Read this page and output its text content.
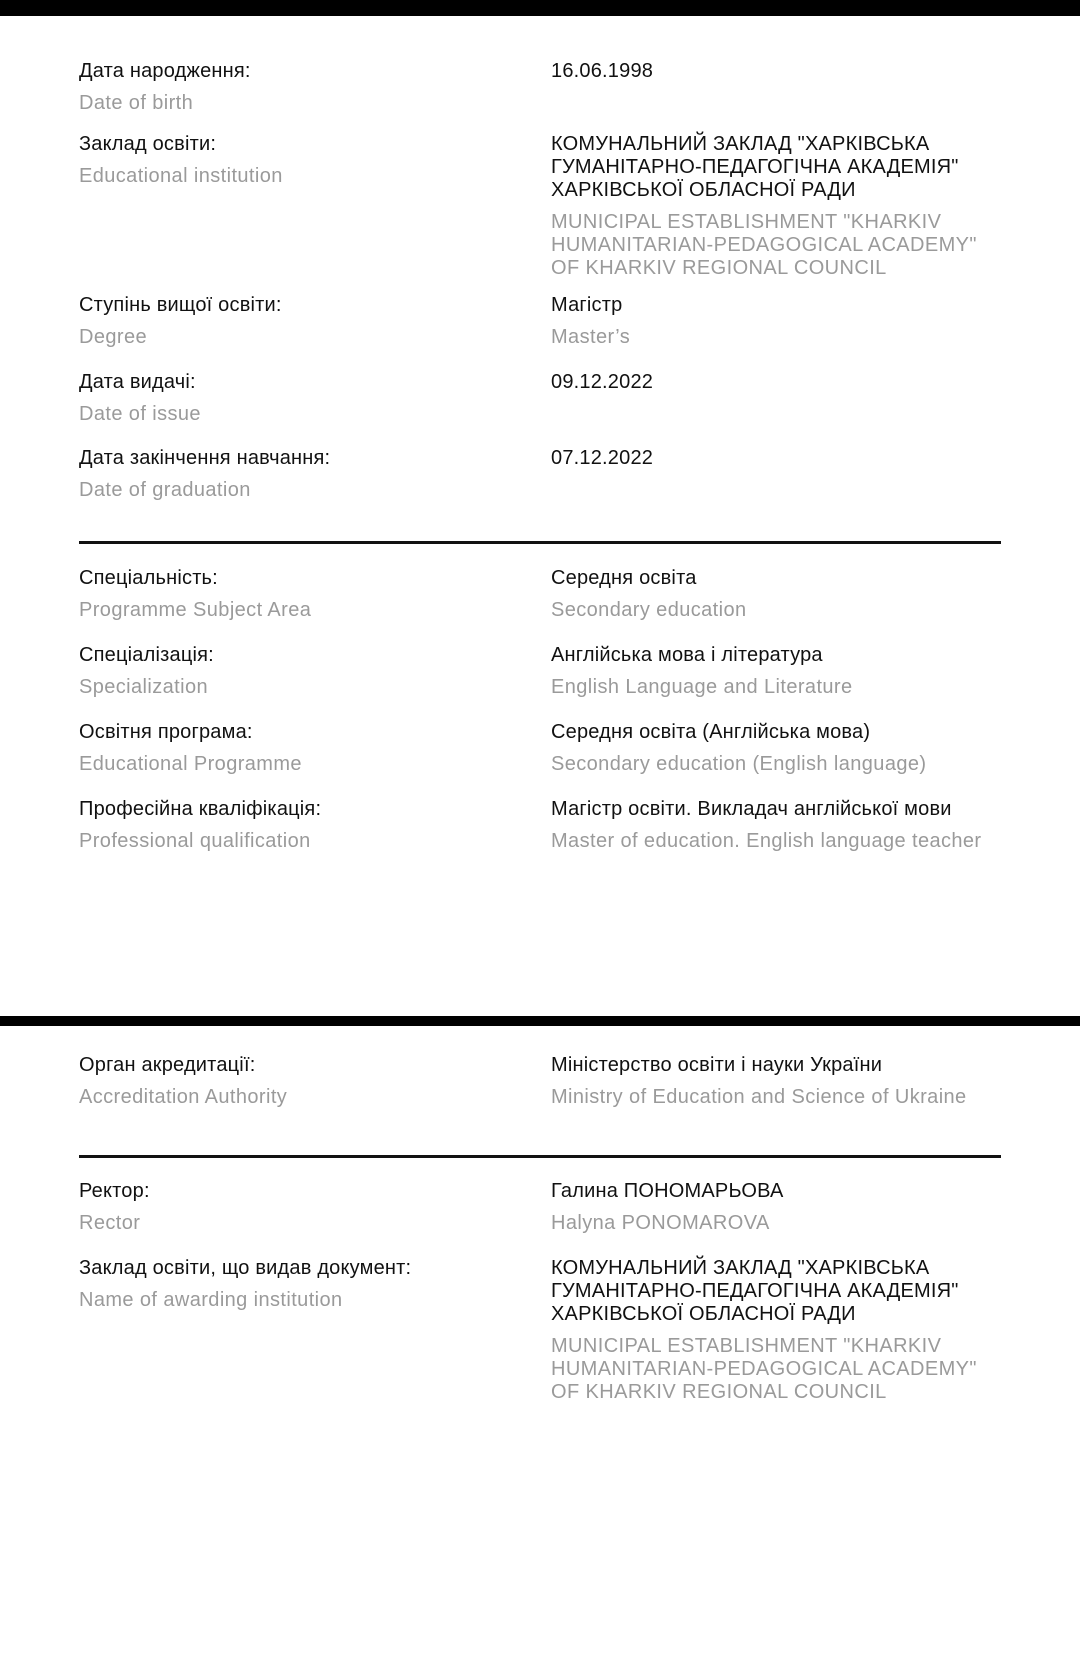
Дата народження:
Date of birth
16.06.1998
Заклад освіти:
Educational institution
КОМУНАЛЬНИЙ ЗАКЛАД "ХАРКІВСЬКА ГУМАНІТАРНО-ПЕДАГОГІЧНА АКАДЕМІЯ" ХАРКІВСЬКОЇ ОБЛАСНОЇ РАДИ
MUNICIPAL ESTABLISHMENT "KHARKIV HUMANITARIAN-PEDAGOGICAL ACADEMY" OF KHARKIV REGIONAL COUNCIL
Ступінь вищої освіти:
Degree
Магістр
Master’s
Дата видачі:
Date of issue
09.12.2022
Дата закінчення навчання:
Date of graduation
07.12.2022
Спеціальність:
Programme Subject Area
Середня освіта
Secondary education
Спеціалізація:
Specialization
Англійська мова і література
English Language and Literature
Освітня програма:
Educational Programme
Середня освіта (Англійська мова)
Secondary education (English language)
Професійна кваліфікація:
Professional qualification
Магістр освіти. Викладач англійської мови
Master of education. English language teacher
Орган акредитації:
Accreditation Authority
Міністерство освіти і науки України
Ministry of Education and Science of Ukraine
Ректор:
Rector
Галина ПОНОМАРЬОВА
Halyna PONOMAROVA
Заклад освіти, що видав документ:
Name of awarding institution
КОМУНАЛЬНИЙ ЗАКЛАД "ХАРКІВСЬКА ГУМАНІТАРНО-ПЕДАГОГІЧНА АКАДЕМІЯ" ХАРКІВСЬКОЇ ОБЛАСНОЇ РАДИ
MUNICIPAL ESTABLISHMENT "KHARKIV HUMANITARIAN-PEDAGOGICAL ACADEMY" OF KHARKIV REGIONAL COUNCIL
